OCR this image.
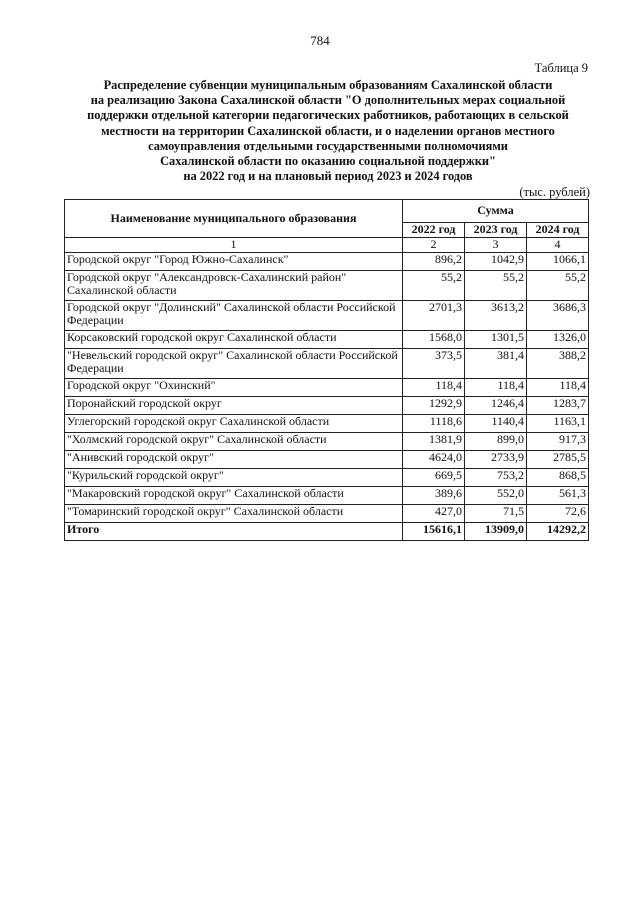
784
Таблица 9
Распределение субвенции муниципальным образованиям Сахалинской области
на реализацию Закона Сахалинской области "О дополнительных мерах социальной
поддержки отдельной категории педагогических работников, работающих в сельской
местности на территории Сахалинской области, и о наделении органов местного
самоуправления отдельными государственными полномочиями
Сахалинской области по оказанию социальной поддержки"
на 2022 год и на плановый период 2023 и 2024 годов
(тыс. рублей)
Наименование муниципального образования	Сумма		
	2022 год	2023 год	2024 год
1	2	3	4
Городской округ "Город Южно-Сахалинск"	896,2	1042,9	1066,1
Городской округ "Александровск-Сахалинский район" Сахалинской области	55,2	55,2	55,2
Городской округ "Долинский" Сахалинской области Российской Федерации	2701,3	3613,2	3686,3
Корсаковский городской округ Сахалинской области	1568,0	1301,5	1326,0
"Невельский городской округ" Сахалинской области Российской Федерации	373,5	381,4	388,2
Городской округ "Охинский"	118,4	118,4	118,4
Поронайский городской округ	1292,9	1246,4	1283,7
Углегорский городской округ Сахалинской области	1118,6	1140,4	1163,1
"Холмский городской округ" Сахалинской области	1381,9	899,0	917,3
"Анивский городской округ"	4624,0	2733,9	2785,5
"Курильский городской округ"	669,5	753,2	868,5
"Макаровский городской округ" Сахалинской области	389,6	552,0	561,3
"Томаринский городской округ" Сахалинской области	427,0	71,5	72,6
Итого	15616,1	13909,0	14292,2
